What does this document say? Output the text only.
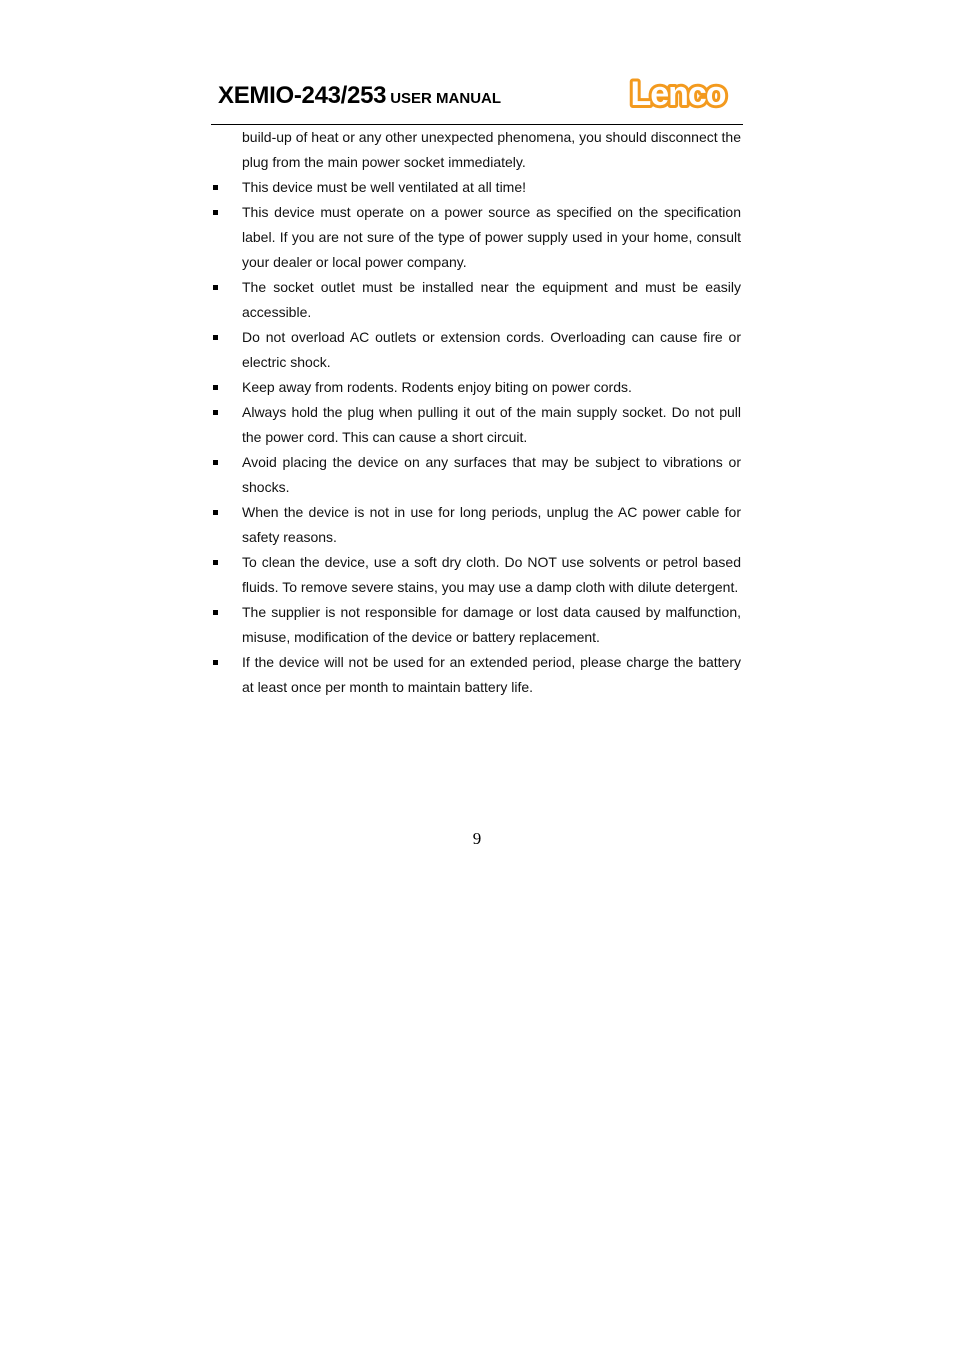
XEMIO-243/253 USER MANUAL	Lenco

build-up of heat or any other unexpected phenomena, you should disconnect the plug from the main power socket immediately.

This device must be well ventilated at all time!
This device must operate on a power source as specified on the specification label. If you are not sure of the type of power supply used in your home, consult your dealer or local power company.
The socket outlet must be installed near the equipment and must be easily accessible.
Do not overload AC outlets or extension cords. Overloading can cause fire or electric shock.
Keep away from rodents. Rodents enjoy biting on power cords.
Always hold the plug when pulling it out of the main supply socket. Do not pull the power cord. This can cause a short circuit.
Avoid placing the device on any surfaces that may be subject to vibrations or shocks.
When the device is not in use for long periods, unplug the AC power cable for safety reasons.
To clean the device, use a soft dry cloth. Do NOT use solvents or petrol based fluids. To remove severe stains, you may use a damp cloth with dilute detergent.
The supplier is not responsible for damage or lost data caused by malfunction, misuse, modification of the device or battery replacement.
If the device will not be used for an extended period, please charge the battery at least once per month to maintain battery life.
9
